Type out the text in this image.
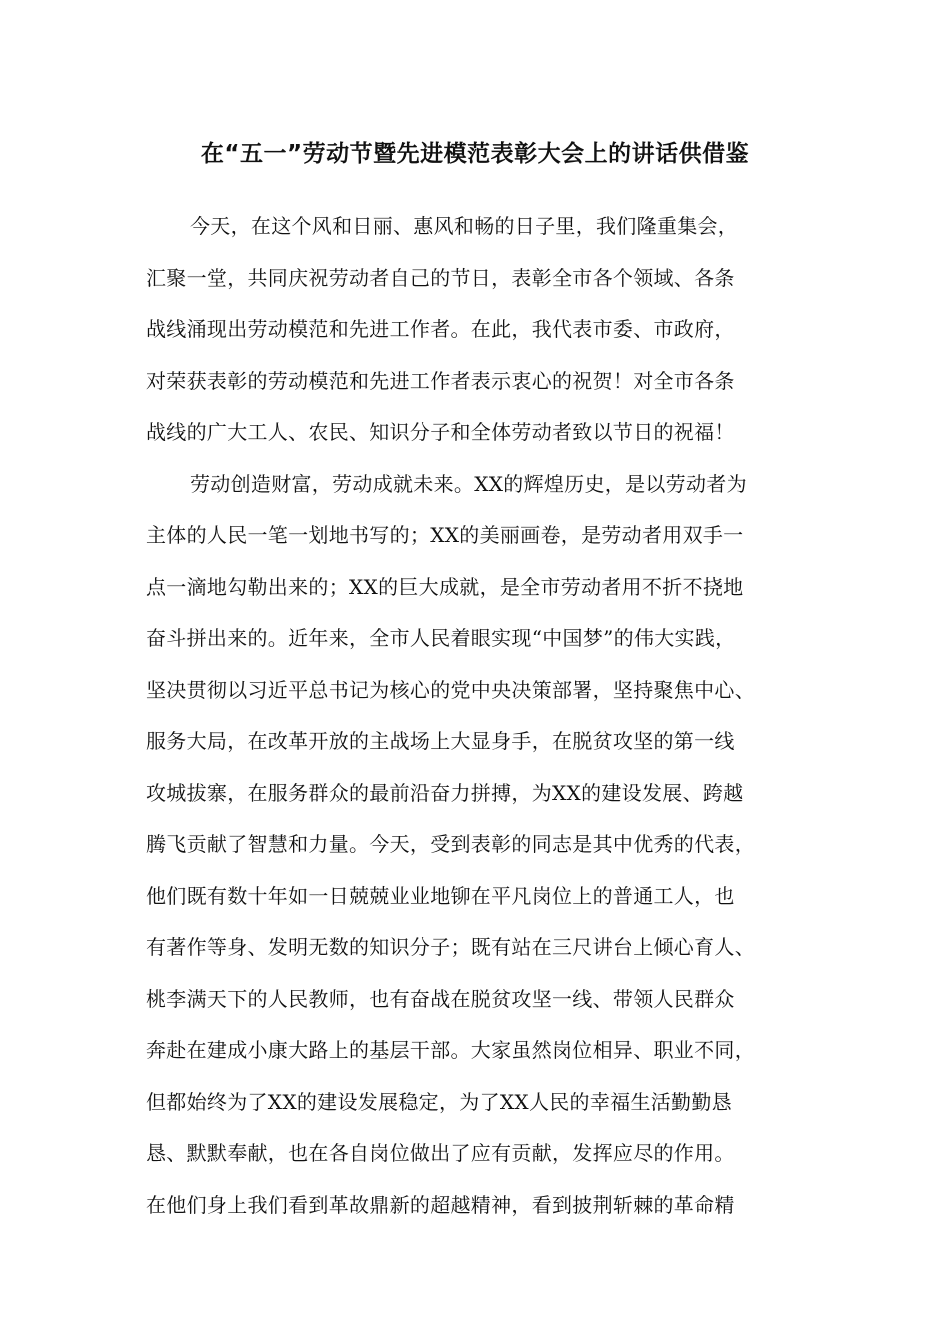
在“五一”劳动节暨先进模范表彰大会上的讲话供借鉴
今天，在这个风和日丽、惠风和畅的日子里，我们隆重集会，
汇聚一堂，共同庆祝劳动者自己的节日，表彰全市各个领域、各条
战线涌现出劳动模范和先进工作者。在此，我代表市委、市政府，
对荣获表彰的劳动模范和先进工作者表示衷心的祝贺！对全市各条
战线的广大工人、农民、知识分子和全体劳动者致以节日的祝福！
劳动创造财富，劳动成就未来。XX的辉煌历史，是以劳动者为
主体的人民一笔一划地书写的；XX的美丽画卷，是劳动者用双手一
点一滴地勾勒出来的；XX的巨大成就，是全市劳动者用不折不挠地
奋斗拼出来的。近年来，全市人民着眼实现“中国梦”的伟大实践，
坚决贯彻以习近平总书记为核心的党中央决策部署，坚持聚焦中心、
服务大局，在改革开放的主战场上大显身手，在脱贫攻坚的第一线
攻城拔寨，在服务群众的最前沿奋力拼搏，为XX的建设发展、跨越
腾飞贡献了智慧和力量。今天，受到表彰的同志是其中优秀的代表，
他们既有数十年如一日兢兢业业地铆在平凡岗位上的普通工人，也
有著作等身、发明无数的知识分子；既有站在三尺讲台上倾心育人、
桃李满天下的人民教师，也有奋战在脱贫攻坚一线、带领人民群众
奔赴在建成小康大路上的基层干部。大家虽然岗位相异、职业不同，
但都始终为了XX的建设发展稳定，为了XX人民的幸福生活勤勤恳
恳、默默奉献，也在各自岗位做出了应有贡献，发挥应尽的作用。
在他们身上我们看到革故鼎新的超越精神，看到披荆斩棘的革命精
